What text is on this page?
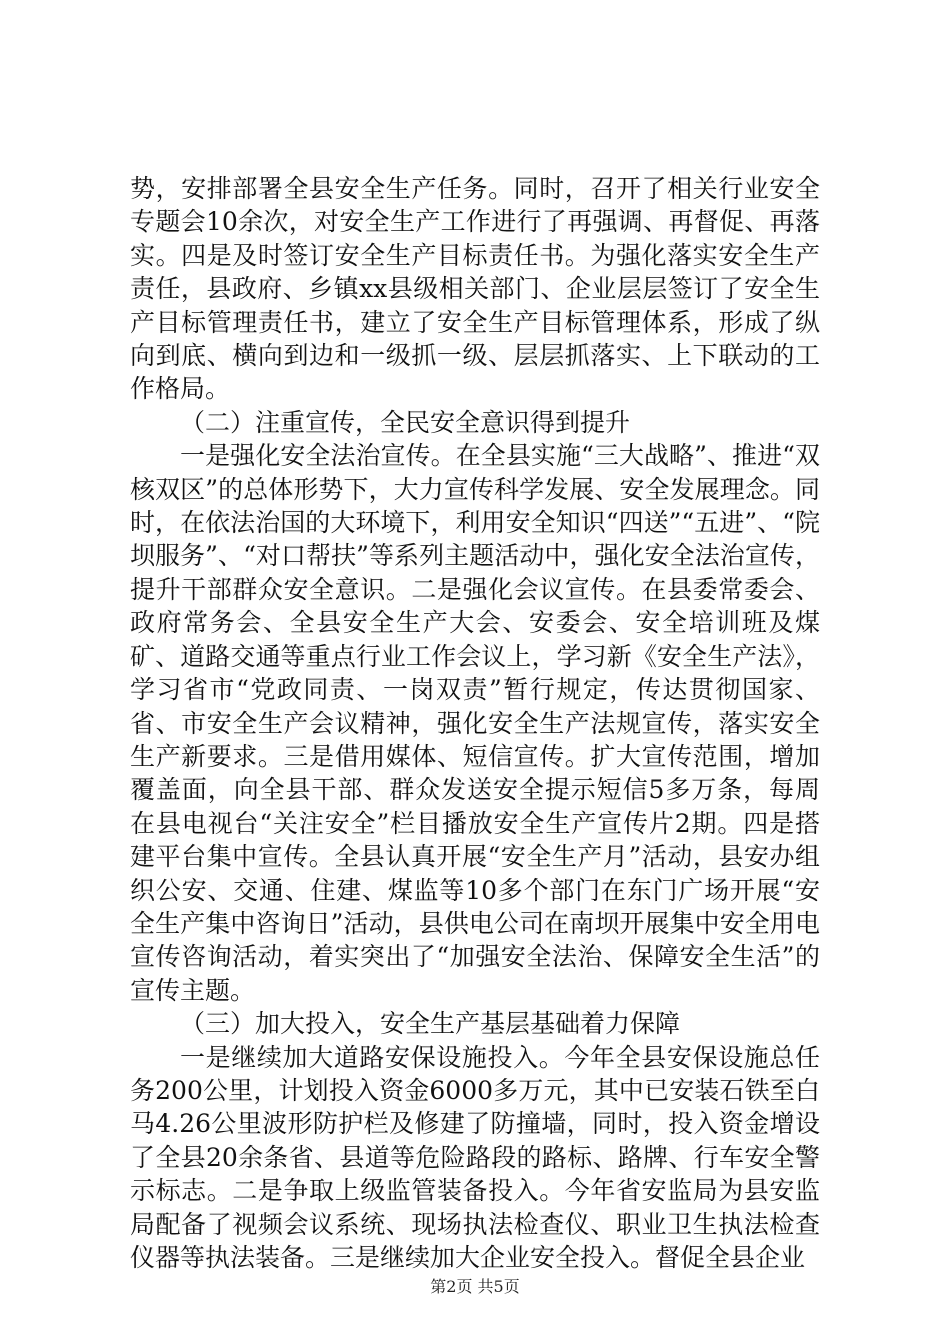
势，安排部署全县安全生产任务。同时，召开了相关行业安全专题会10余次，对安全生产工作进行了再强调、再督促、再落实。四是及时签订安全生产目标责任书。为强化落实安全生产责任，县政府、乡镇xx县级相关部门、企业层层签订了安全生产目标管理责任书，建立了安全生产目标管理体系，形成了纵向到底、横向到边和一级抓一级、层层抓落实、上下联动的工作格局。

（二）注重宣传，全民安全意识得到提升

一是强化安全法治宣传。在全县实施“三大战略”、推进“双核双区”的总体形势下，大力宣传科学发展、安全发展理念。同时，在依法治国的大环境下，利用安全知识“四送”“五进”、“院坝服务”、“对口帮扶”等系列主题活动中，强化安全法治宣传，提升干部群众安全意识。二是强化会议宣传。在县委常委会、政府常务会、全县安全生产大会、安委会、安全培训班及煤矿、道路交通等重点行业工作会议上，学习新《安全生产法》，学习省市“党政同责、一岗双责”暂行规定，传达贯彻国家、省、市安全生产会议精神，强化安全生产法规宣传，落实安全生产新要求。三是借用媒体、短信宣传。扩大宣传范围，增加覆盖面，向全县干部、群众发送安全提示短信5多万条，每周在县电视台“关注安全”栏目播放安全生产宣传片2期。四是搭建平台集中宣传。全县认真开展“安全生产月”活动，县安办组织公安、交通、住建、煤监等10多个部门在东门广场开展“安全生产集中咨询日”活动，县供电公司在南坝开展集中安全用电宣传咨询活动，着实突出了“加强安全法治、保障安全生活”的宣传主题。

（三）加大投入，安全生产基层基础着力保障

一是继续加大道路安保设施投入。今年全县安保设施总任务200公里，计划投入资金6000多万元，其中已安装石铁至白马4.26公里波形防护栏及修建了防撞墙，同时，投入资金增设了全县20余条省、县道等危险路段的路标、路牌、行车安全警示标志。二是争取上级监管装备投入。今年省安监局为县安监局配备了视频会议系统、现场执法检查仪、职业卫生执法检查仪器等执法装备。三是继续加大企业安全投入。督促全县企业

第2页 共5页
